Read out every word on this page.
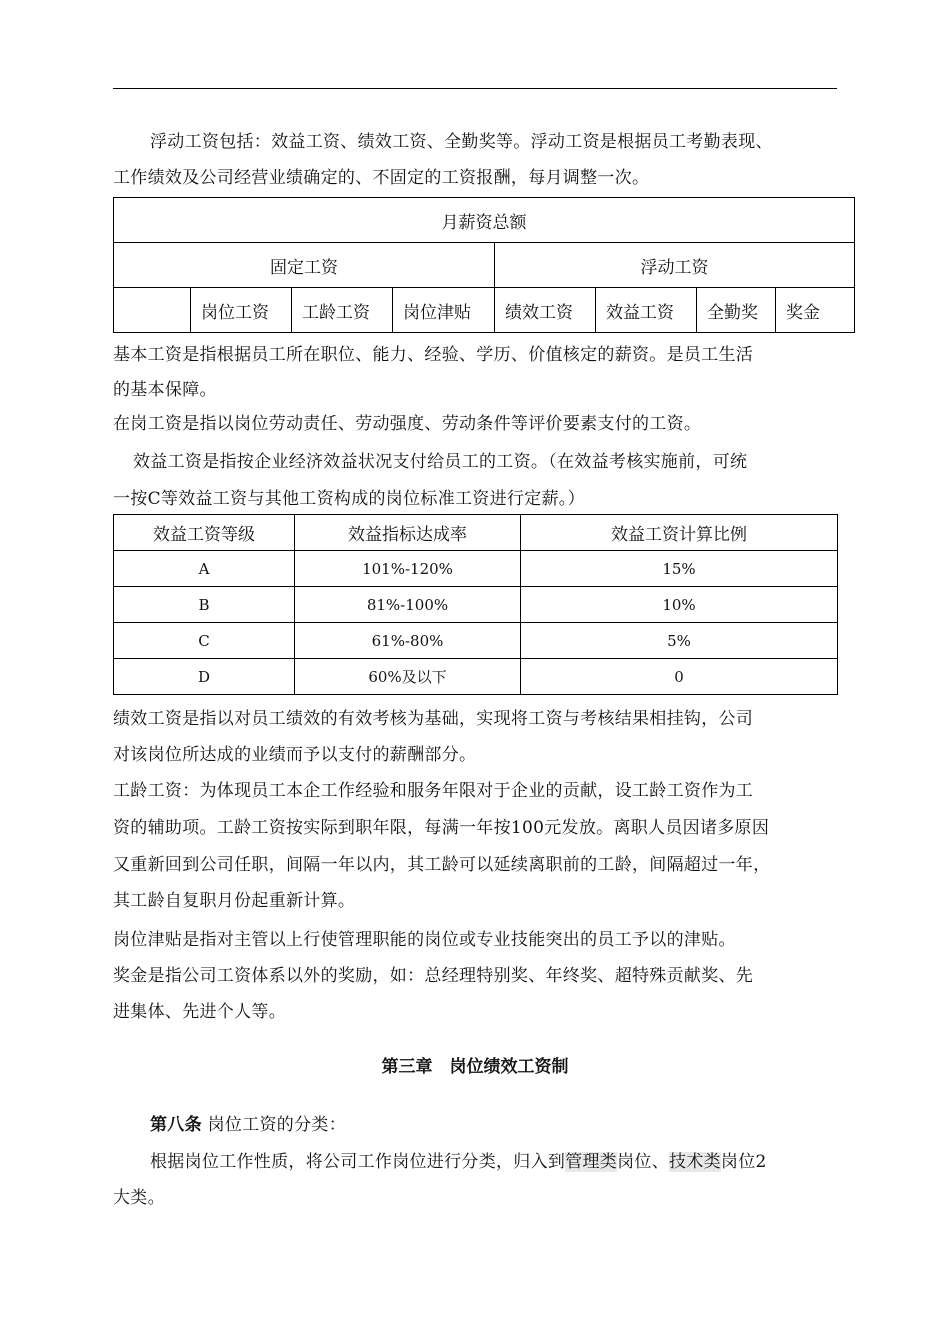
浮动工资包括：效益工资、绩效工资、全勤奖等。浮动工资是根据员工考勤表现、
工作绩效及公司经营业绩确定的、不固定的工资报酬，每月调整一次。
月薪资总额							
固定工资				浮动工资			
	岗位工资	工龄工资	岗位津贴	绩效工资	效益工资	全勤奖	奖金
基本工资是指根据员工所在职位、能力、经验、学历、价值核定的薪资。是员工生活
的基本保障。
在岗工资是指以岗位劳动责任、劳动强度、劳动条件等评价要素支付的工资。
效益工资是指按企业经济效益状况支付给员工的工资。（在效益考核实施前，可统
一按C等效益工资与其他工资构成的岗位标准工资进行定薪。）
效益工资等级	效益指标达成率	效益工资计算比例
A	101%-120%	15%
B	81%-100%	10%
C	61%-80%	5%
D	60%及以下	0
绩效工资是指以对员工绩效的有效考核为基础，实现将工资与考核结果相挂钩，公司
对该岗位所达成的业绩而予以支付的薪酬部分。
工龄工资：为体现员工本企工作经验和服务年限对于企业的贡献，设工龄工资作为工
资的辅助项。工龄工资按实际到职年限，每满一年按100元发放。离职人员因诸多原因
又重新回到公司任职，间隔一年以内，其工龄可以延续离职前的工龄，间隔超过一年，
其工龄自复职月份起重新计算。
岗位津贴是指对主管以上行使管理职能的岗位或专业技能突出的员工予以的津贴。
奖金是指公司工资体系以外的奖励，如：总经理特别奖、年终奖、超特殊贡献奖、先
进集体、先进个人等。
第三章　岗位绩效工资制
第八条 岗位工资的分类：
根据岗位工作性质，将公司工作岗位进行分类，归入到管理类岗位、技术类岗位2
大类。
